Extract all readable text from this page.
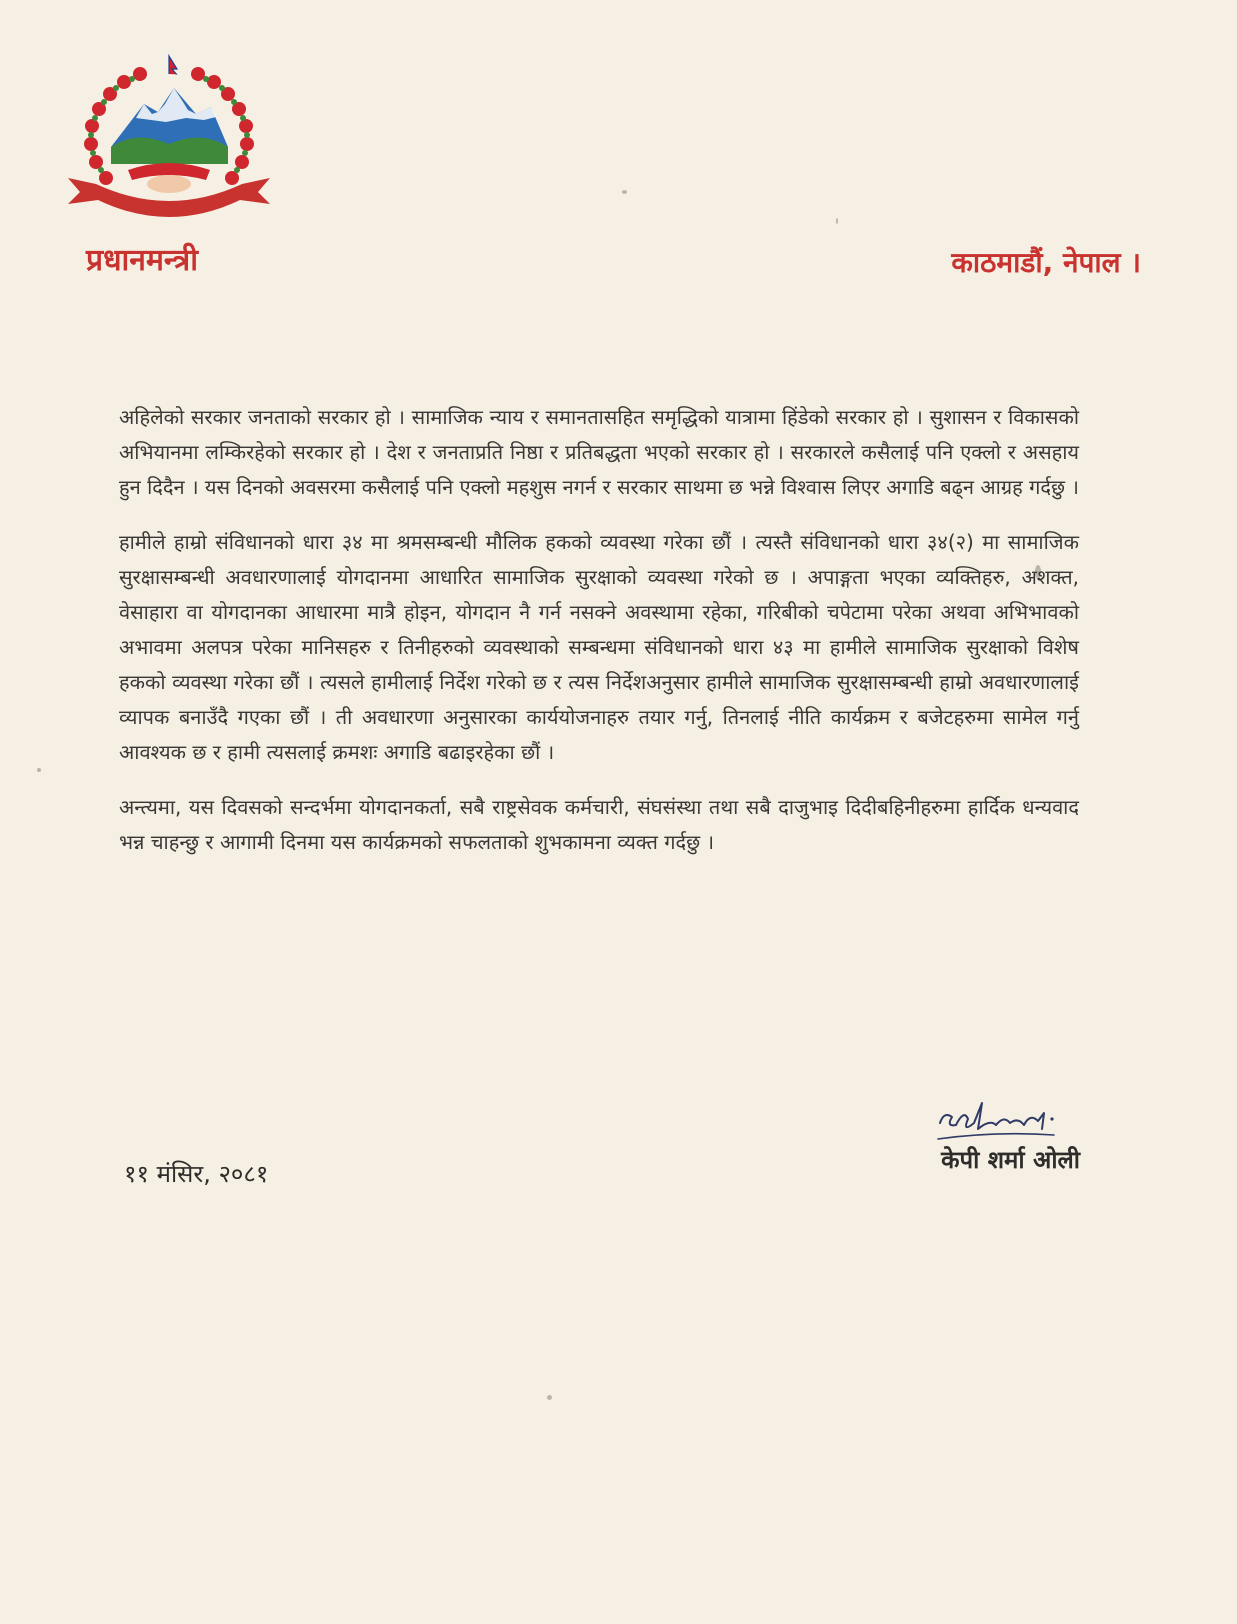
प्रधानमन्त्री	काठमाडौं, नेपाल ।

अहिलेको सरकार जनताको सरकार हो । सामाजिक न्याय र समानतासहित समृद्धिको यात्रामा हिंडेको सरकार हो । सुशासन र विकासको अभियानमा लम्किरहेको सरकार हो । देश र जनताप्रति निष्ठा र प्रतिबद्धता भएको सरकार हो । सरकारले कसैलाई पनि एक्लो र असहाय हुन दिदैन । यस दिनको अवसरमा कसैलाई पनि एक्लो महशुस नगर्न र सरकार साथमा छ भन्ने विश्वास लिएर अगाडि बढ्न आग्रह गर्दछु ।

हामीले हाम्रो संविधानको धारा ३४ मा श्रमसम्बन्धी मौलिक हकको व्यवस्था गरेका छौं । त्यस्तै संविधानको धारा ३४(२) मा सामाजिक सुरक्षासम्बन्धी अवधारणालाई योगदानमा आधारित सामाजिक सुरक्षाको व्यवस्था गरेको छ । अपाङ्गता भएका व्यक्तिहरु, अशक्त, वेसाहारा वा योगदानका आधारमा मात्रै होइन, योगदान नै गर्न नसक्ने अवस्थामा रहेका, गरिबीको चपेटामा परेका अथवा अभिभावको अभावमा अलपत्र परेका मानिसहरु र तिनीहरुको व्यवस्थाको सम्बन्धमा संविधानको धारा ४३ मा हामीले सामाजिक सुरक्षाको विशेष हकको व्यवस्था गरेका छौं । त्यसले हामीलाई निर्देश गरेको छ र त्यस निर्देशअनुसार हामीले सामाजिक सुरक्षासम्बन्धी हाम्रो अवधारणालाई व्यापक बनाउँदै गएका छौं । ती अवधारणा अनुसारका कार्ययोजनाहरु तयार गर्नु, तिनलाई नीति कार्यक्रम र बजेटहरुमा सामेल गर्नु आवश्यक छ र हामी त्यसलाई क्रमशः अगाडि बढाइरहेका छौं ।

अन्त्यमा, यस दिवसको सन्दर्भमा योगदानकर्ता, सबै राष्ट्रसेवक कर्मचारी, संघसंस्था तथा सबै दाजुभाइ दिदीबहिनीहरुमा हार्दिक धन्यवाद भन्न चाहन्छु र आगामी दिनमा यस कार्यक्रमको सफलताको शुभकामना व्यक्त गर्दछु ।

११ मंसिर, २०८१	केपी शर्मा ओली
